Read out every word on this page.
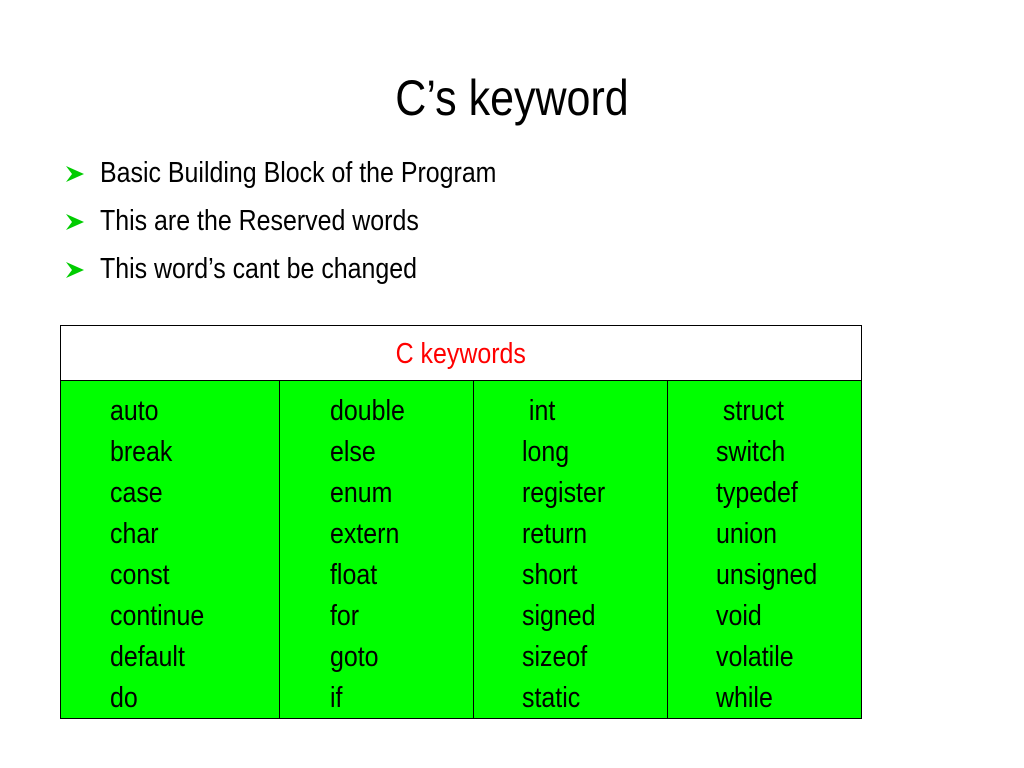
C’s keyword
Basic Building Block of the Program
This are the Reserved words
This word’s cant be changed
C keywords
auto
break
case
char
const
continue
default
do
double
else
enum
extern
float
for
goto
if
int
long
register
return
short
signed
sizeof
static
struct
switch
typedef
union
unsigned
void
volatile
while
